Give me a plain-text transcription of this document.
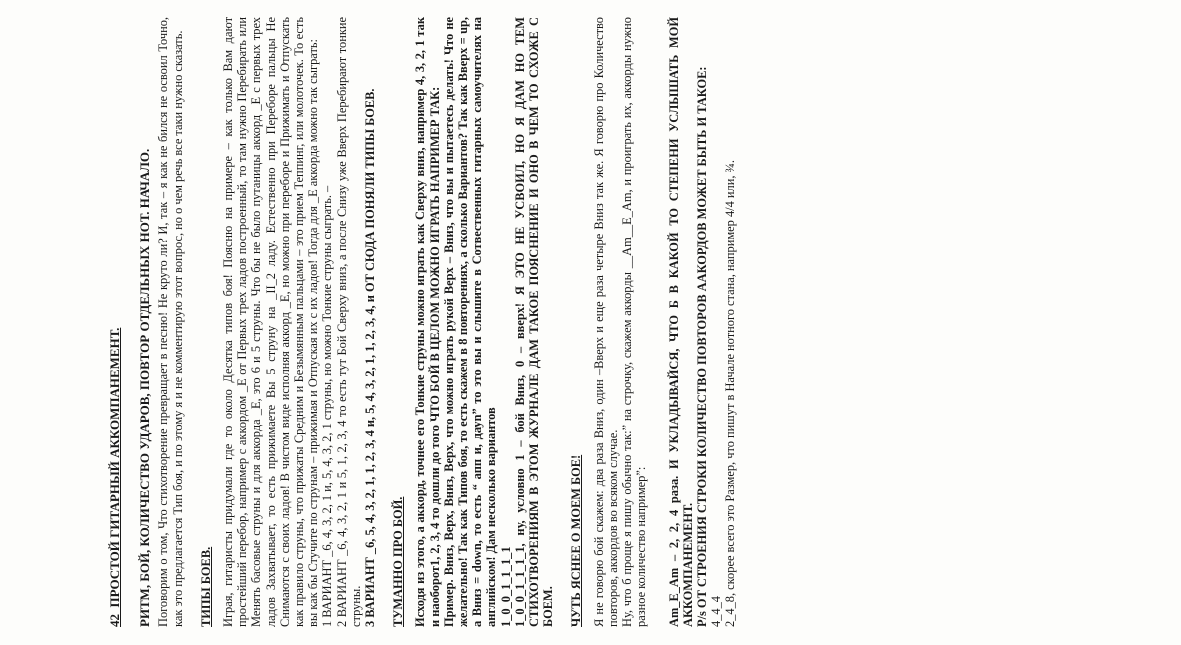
42_ПРОСТОЙ ГИТАРНЫЙ АККОМПАНЕМЕНТ. РИТМ, БОЙ, КОЛИЧЕСТВО УДАРОВ, ПОВТОР ОТДЕЛЬНЫХ НОТ. НАЧАЛО. Поговорим о том, Что стихотворение превращает в песню! Не круто ли? И, так – я как не бился не освоил Точно, как это предлагается Тип боя, и по этому я и не комментирую этот вопрос, но о чем речь все таки нужно сказать. ТИПЫ БОЕВ. Играя, гитаристы придумали где то около Десятка типов боя! Поясню на примере – как только Вам дают простейший перебор, например с аккордом _E от Первых трех ладов построенный, то там нужно Перебирать или Менять басовые струны и для аккорда _E, это 6 и 5 струны. Что бы не было путаницы аккорд _E с первых трех ладов Захватывает, то есть прижимаете Вы 5 струну на _II_2 ладу. Естественно при Переборе пальцы Не Снимаются с своих ладов! В чистом виде исполняя аккорд _E, но можно при переборе и Прижимать и Отпускать как правило струны, что прижаты Средним и Безымянным пальцами – это прием Теппинг, или молоточек. То есть вы как бы Стучите по струнам – прижимая и Отпуская их с их ладов! Тогда для _E аккорда можно так сыграть: 1 ВАРИАНТ _6, 4, 3, 2, 1 и, 5, 4, 3, 2, 1 струны, но можно Тонкие струны сыграть. – 2 ВАРИАНТ _6, 4, 3, 2, 1 и 5, 1, 2, 3, 4 то есть тут Бой Сверху вниз, а после Снизу уже Вверх Перебирают тонкие струны. 3 ВАРИАНТ _6, 5, 4, 3, 2, 1, 1, 2, 3, 4 и, 5, 4, 3, 2, 1, 1, 2, 3, 4, и ОТ СЮДА ПОНЯЛИ ТИПЫ БОЕВ. ТУМАННО ПРО БОЙ. Исходя из этого, а аккорд, точнее его Тонкие струны можно играть как Сверху вниз, например 4, 3, 2, 1 так и наоборот1, 2, 3, 4 то дошли до того ЧТО БОЙ В ЦЕЛОМ МОЖНО ИГРАТЬ НАПРИМЕР ТАК: Пример. Вниз, Верх, Вниз, Верх, что можно играть рукой Верх – Вниз, что вы и пытаетесь делать! Что не желательно! Так как Типов боя, то есть скажем в 8 повторениях, а сколько Вариантов? Так как Вверх = up, а Вниз = down, то есть “ апп и, дауn” то это вы и слышите в Сотвественных гитарных самоучителях на английском! Дам несколько вариантов 1_0_0_1_1_1_1 1_0_0_1_1_1_1, ну, условно 1 – бой Вниз, 0 – вверх! Я ЭТО НЕ УСВОИЛ, НО Я ДАМ НО ТЕМ СТИХОТВОРЕНИЯМ В ЭТОМ ЖУРНАЛЕ ДАМ ТАКОЕ ПОЯСНЕНИЕ И ОНО В ЧЕМ ТО СХОЖЕ С БОЕМ. ЧУТЬ ЯСНЕЕ О МОЕМ БОЕ! Я не говорю бой скажем: два раза Вниз, один –Вверх и еще раза четыре Вниз так же. Я говорю про Количество повторов, аккордов во всяком случае. Ну, что б проще я пишу обычно так:” на строчку, скажем аккорды __Am__E_Am, и проиграть их, аккорды нужно разное количество например”: Am_E_Am – 2, 2, 4 раза. И УКЛАДЫВАЙСЯ, ЧТО Б В КАКОЙ ТО СТЕПЕНИ УСЛЫШАТЬ МОЙ АККОМПАНЕМЕНТ. P/s ОТ СТРОЕНИЯ СТРОКИ КОЛИЧЕСТВО ПОВТОРОВ ААКОРДОВ МОЖЕТ БЫТЬ И ТАКОЕ: 4_4_4 2_4_8, скорее всего это Размер, что пишут в Начале нотного стана, например 4/4 или, ¾.
